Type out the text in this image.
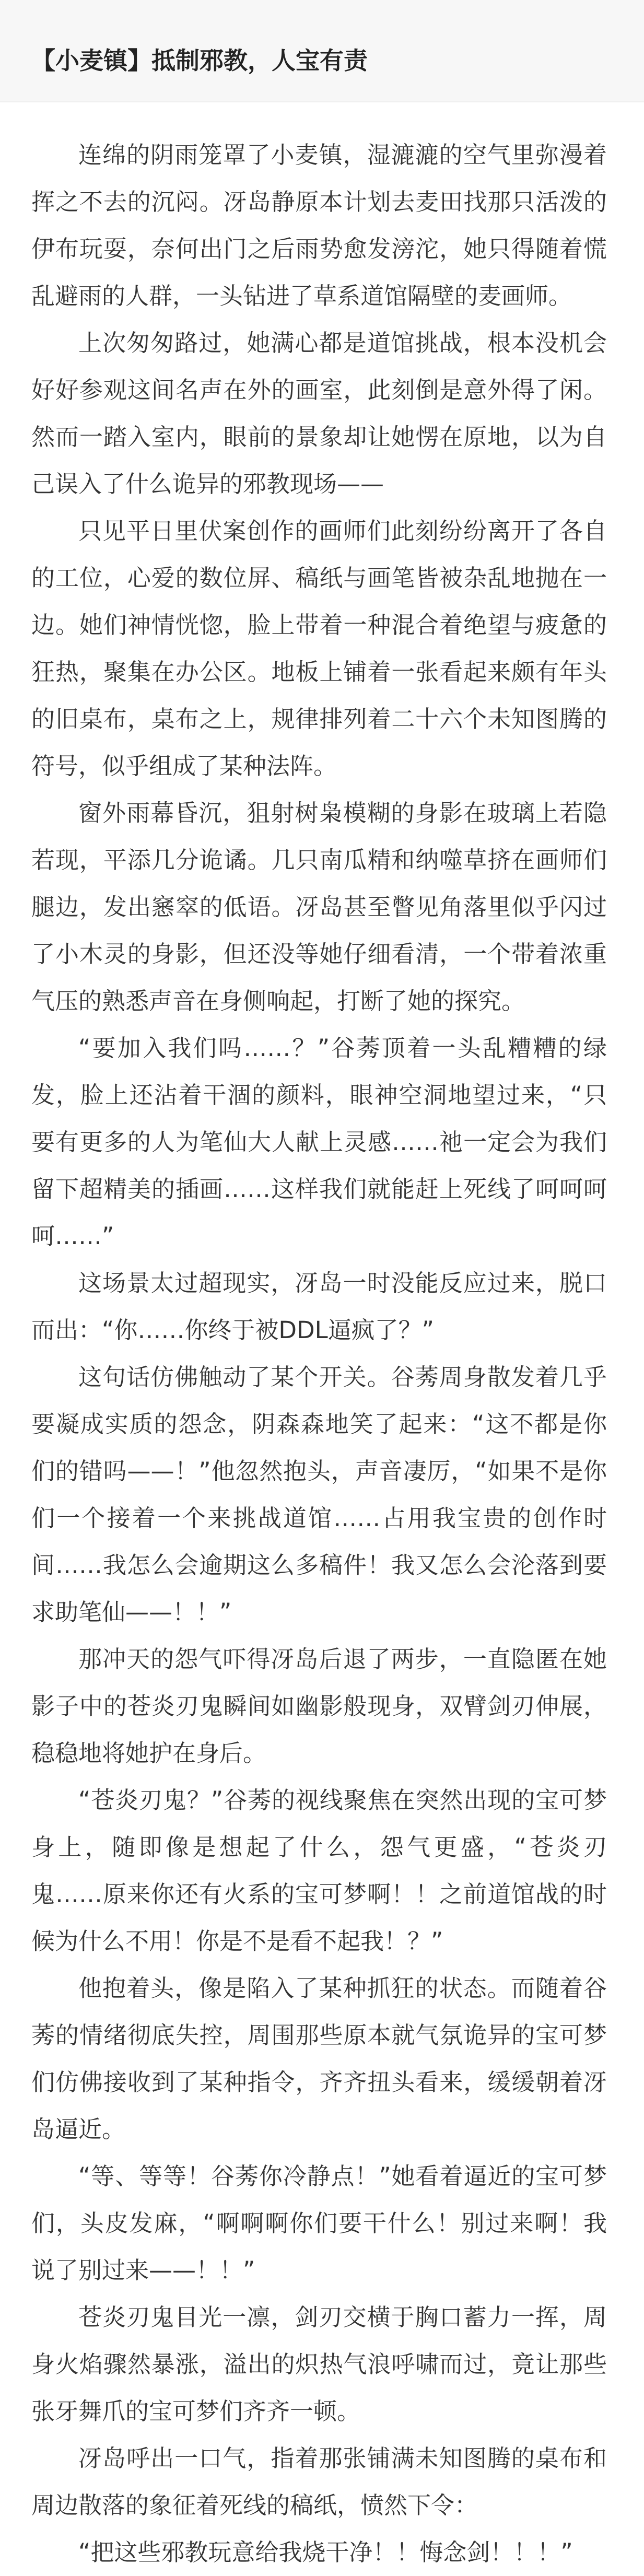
【小麦镇】抵制邪教，人宝有责

连绵的阴雨笼罩了小麦镇，湿漉漉的空气里弥漫着挥之不去的沉闷。冴岛静原本计划去麦田找那只活泼的伊布玩耍，奈何出门之后雨势愈发滂沱，她只得随着慌乱避雨的人群，一头钻进了草系道馆隔壁的麦画师。

上次匆匆路过，她满心都是道馆挑战，根本没机会好好参观这间名声在外的画室，此刻倒是意外得了闲。然而一踏入室内，眼前的景象却让她愣在原地，以为自己误入了什么诡异的邪教现场——

只见平日里伏案创作的画师们此刻纷纷离开了各自的工位，心爱的数位屏、稿纸与画笔皆被杂乱地抛在一边。她们神情恍惚，脸上带着一种混合着绝望与疲惫的狂热，聚集在办公区。地板上铺着一张看起来颇有年头的旧桌布，桌布之上，规律排列着二十六个未知图腾的符号，似乎组成了某种法阵。

窗外雨幕昏沉，狙射树枭模糊的身影在玻璃上若隐若现，平添几分诡谲。几只南瓜精和纳噬草挤在画师们腿边，发出窸窣的低语。冴岛甚至瞥见角落里似乎闪过了小木灵的身影，但还没等她仔细看清，一个带着浓重气压的熟悉声音在身侧响起，打断了她的探究。

“要加入我们吗……？”谷莠顶着一头乱糟糟的绿发，脸上还沾着干涸的颜料，眼神空洞地望过来，“只要有更多的人为笔仙大人献上灵感……祂一定会为我们留下超精美的插画……这样我们就能赶上死线了呵呵呵呵……”

这场景太过超现实，冴岛一时没能反应过来，脱口而出：“你……你终于被DDL逼疯了？”

这句话仿佛触动了某个开关。谷莠周身散发着几乎要凝成实质的怨念，阴森森地笑了起来：“这不都是你们的错吗——！”他忽然抱头，声音凄厉，“如果不是你们一个接着一个来挑战道馆……占用我宝贵的创作时间……我怎么会逾期这么多稿件！我又怎么会沦落到要求助笔仙——！！”

那冲天的怨气吓得冴岛后退了两步，一直隐匿在她影子中的苍炎刃鬼瞬间如幽影般现身，双臂剑刃伸展，稳稳地将她护在身后。

“苍炎刃鬼？”谷莠的视线聚焦在突然出现的宝可梦身上，随即像是想起了什么，怨气更盛，“苍炎刃鬼……原来你还有火系的宝可梦啊！！之前道馆战的时候为什么不用！你是不是看不起我！？”

他抱着头，像是陷入了某种抓狂的状态。而随着谷莠的情绪彻底失控，周围那些原本就气氛诡异的宝可梦们仿佛接收到了某种指令，齐齐扭头看来，缓缓朝着冴岛逼近。

“等、等等！谷莠你冷静点！”她看着逼近的宝可梦们，头皮发麻，“啊啊啊你们要干什么！别过来啊！我说了别过来——！！”

苍炎刃鬼目光一凛，剑刃交横于胸口蓄力一挥，周身火焰骤然暴涨，溢出的炽热气浪呼啸而过，竟让那些张牙舞爪的宝可梦们齐齐一顿。

冴岛呼出一口气，指着那张铺满未知图腾的桌布和周边散落的象征着死线的稿纸，愤然下令：

“把这些邪教玩意给我烧干净！！悔念剑！！！”
